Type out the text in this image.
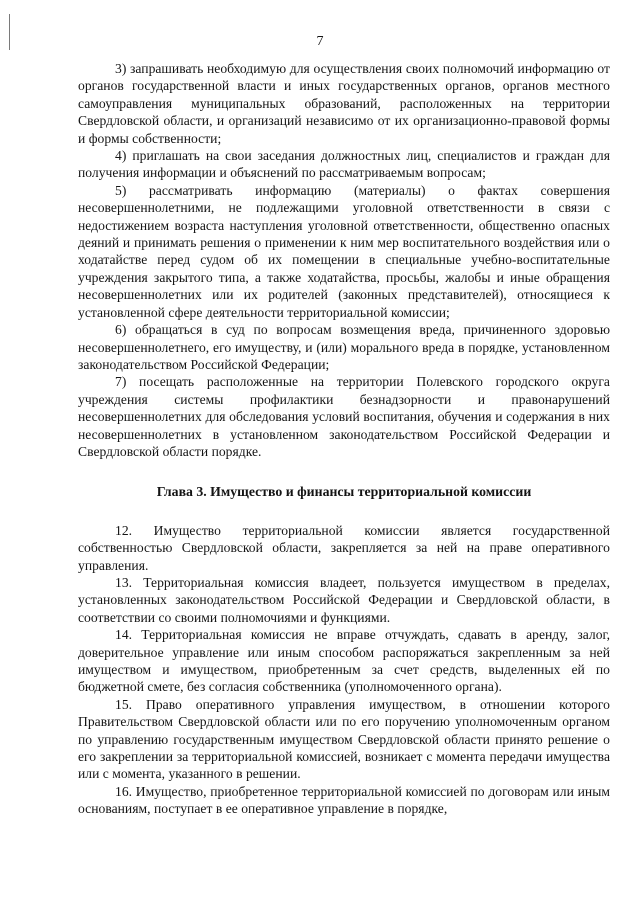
7

3) запрашивать необходимую для осуществления своих полномочий информацию от органов государственной власти и иных государственных органов, органов местного самоуправления муниципальных образований, расположенных на территории Свердловской области, и организаций независимо от их организационно-правовой формы и формы собственности;

4) приглашать на свои заседания должностных лиц, специалистов и граждан для получения информации и объяснений по рассматриваемым вопросам;

5) рассматривать информацию (материалы) о фактах совершения несовершеннолетними, не подлежащими уголовной ответственности в связи с недостижением возраста наступления уголовной ответственности, общественно опасных деяний и принимать решения о применении к ним мер воспитательного воздействия или о ходатайстве перед судом об их помещении в специальные учебно-воспитательные учреждения закрытого типа, а также ходатайства, просьбы, жалобы и иные обращения несовершеннолетних или их родителей (законных представителей), относящиеся к установленной сфере деятельности территориальной комиссии;

6) обращаться в суд по вопросам возмещения вреда, причиненного здоровью несовершеннолетнего, его имуществу, и (или) морального вреда в порядке, установленном законодательством Российской Федерации;

7) посещать расположенные на территории Полевского городского округа учреждения системы профилактики безнадзорности и правонарушений несовершеннолетних для обследования условий воспитания, обучения и содержания в них несовершеннолетних в установленном законодательством Российской Федерации и Свердловской области порядке.

Глава 3. Имущество и финансы территориальной комиссии

12. Имущество территориальной комиссии является государственной собственностью Свердловской области, закрепляется за ней на праве оперативного управления.

13. Территориальная комиссия владеет, пользуется имуществом в пределах, установленных законодательством Российской Федерации и Свердловской области, в соответствии со своими полномочиями и функциями.

14. Территориальная комиссия не вправе отчуждать, сдавать в аренду, залог, доверительное управление или иным способом распоряжаться закрепленным за ней имуществом и имуществом, приобретенным за счет средств, выделенных ей по бюджетной смете, без согласия собственника (уполномоченного органа).

15. Право оперативного управления имуществом, в отношении которого Правительством Свердловской области или по его поручению уполномоченным органом по управлению государственным имуществом Свердловской области принято решение о его закреплении за территориальной комиссией, возникает с момента передачи имущества или с момента, указанного в решении.

16. Имущество, приобретенное территориальной комиссией по договорам или иным основаниям, поступает в ее оперативное управление в порядке,
